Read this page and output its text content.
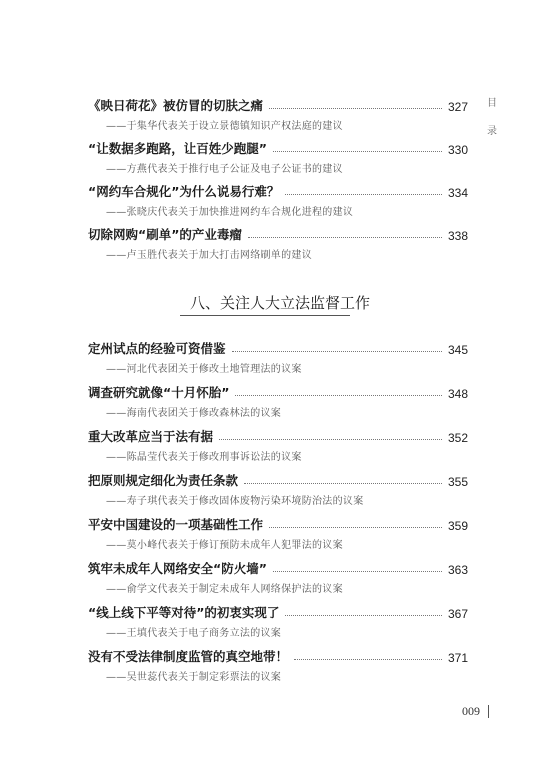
目
录
《映日荷花》被仿冒的切肤之痛	327
——于集华代表关于设立景德镇知识产权法庭的建议
“让数据多跑路，让百姓少跑腿”	330
——方燕代表关于推行电子公证及电子公证书的建议
“网约车合规化”为什么说易行难？	334
——张晓庆代表关于加快推进网约车合规化进程的建议
切除网购“刷单”的产业毒瘤	338
——卢玉胜代表关于加大打击网络刷单的建议
八、关注人大立法监督工作
定州试点的经验可资借鉴	345
——河北代表团关于修改土地管理法的议案
调查研究就像“十月怀胎”	348
——海南代表团关于修改森林法的议案
重大改革应当于法有据	352
——陈晶莹代表关于修改刑事诉讼法的议案
把原则规定细化为责任条款	355
——寿子琪代表关于修改固体废物污染环境防治法的议案
平安中国建设的一项基础性工作	359
——莫小峰代表关于修订预防未成年人犯罪法的议案
筑牢未成年人网络安全“防火墙”	363
——俞学文代表关于制定未成年人网络保护法的议案
“线上线下平等对待”的初衷实现了	367
——王填代表关于电子商务立法的议案
没有不受法律制度监管的真空地带！	371
——吴世蕊代表关于制定彩票法的议案
009
